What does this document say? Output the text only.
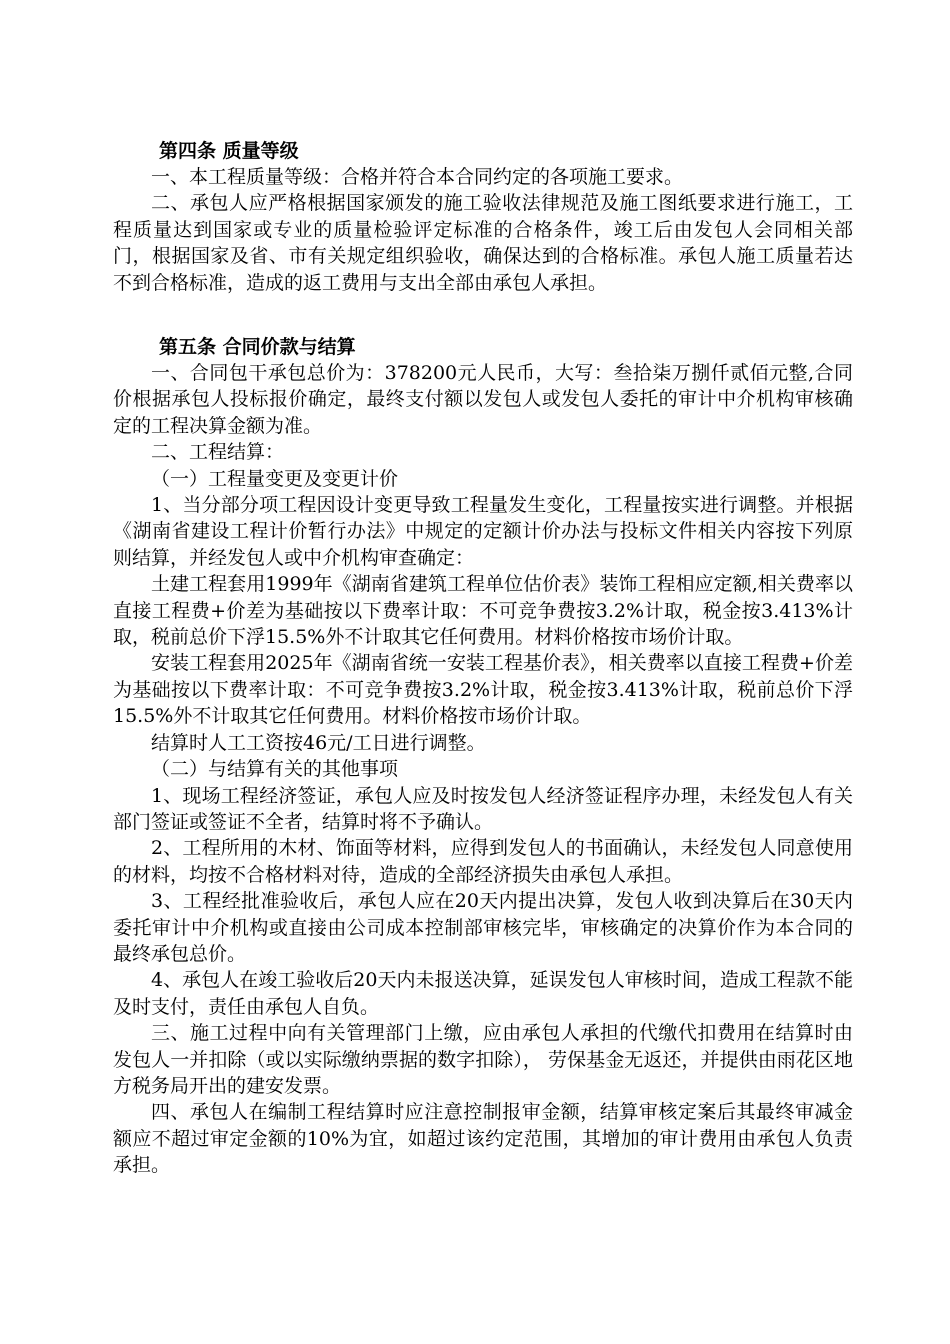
第四条 质量等级
一、本工程质量等级：合格并符合本合同约定的各项施工要求。
二、承包人应严格根据国家颁发的施工验收法律规范及施工图纸要求进行施工，工程质量达到国家或专业的质量检验评定标准的合格条件，竣工后由发包人会同相关部门，根据国家及省、市有关规定组织验收，确保达到的合格标准。承包人施工质量若达不到合格标准，造成的返工费用与支出全部由承包人承担。
第五条 合同价款与结算
一、合同包干承包总价为：378200元人民币，大写：叁拾柒万捌仟贰佰元整,合同价根据承包人投标报价确定，最终支付额以发包人或发包人委托的审计中介机构审核确定的工程决算金额为准。
二、工程结算：
（一）工程量变更及变更计价
1、当分部分项工程因设计变更导致工程量发生变化，工程量按实进行调整。并根据《湖南省建设工程计价暂行办法》中规定的定额计价办法与投标文件相关内容按下列原则结算，并经发包人或中介机构审查确定：
土建工程套用1999年《湖南省建筑工程单位估价表》装饰工程相应定额,相关费率以直接工程费+价差为基础按以下费率计取：不可竞争费按3.2%计取，税金按3.413%计取，税前总价下浮15.5%外不计取其它任何费用。材料价格按市场价计取。
安装工程套用2025年《湖南省统一安装工程基价表》，相关费率以直接工程费+价差为基础按以下费率计取：不可竞争费按3.2%计取，税金按3.413%计取，税前总价下浮15.5%外不计取其它任何费用。材料价格按市场价计取。
结算时人工工资按46元/工日进行调整。
（二）与结算有关的其他事项
1、现场工程经济签证，承包人应及时按发包人经济签证程序办理，未经发包人有关部门签证或签证不全者，结算时将不予确认。
2、工程所用的木材、饰面等材料，应得到发包人的书面确认，未经发包人同意使用的材料，均按不合格材料对待，造成的全部经济损失由承包人承担。
3、工程经批准验收后，承包人应在20天内提出决算，发包人收到决算后在30天内委托审计中介机构或直接由公司成本控制部审核完毕，审核确定的决算价作为本合同的最终承包总价。
4、承包人在竣工验收后20天内未报送决算，延误发包人审核时间，造成工程款不能及时支付，责任由承包人自负。
三、施工过程中向有关管理部门上缴，应由承包人承担的代缴代扣费用在结算时由发包人一并扣除（或以实际缴纳票据的数字扣除）， 劳保基金无返还，并提供由雨花区地方税务局开出的建安发票。
四、承包人在编制工程结算时应注意控制报审金额，结算审核定案后其最终审减金额应不超过审定金额的10%为宜，如超过该约定范围，其增加的审计费用由承包人负责承担。
